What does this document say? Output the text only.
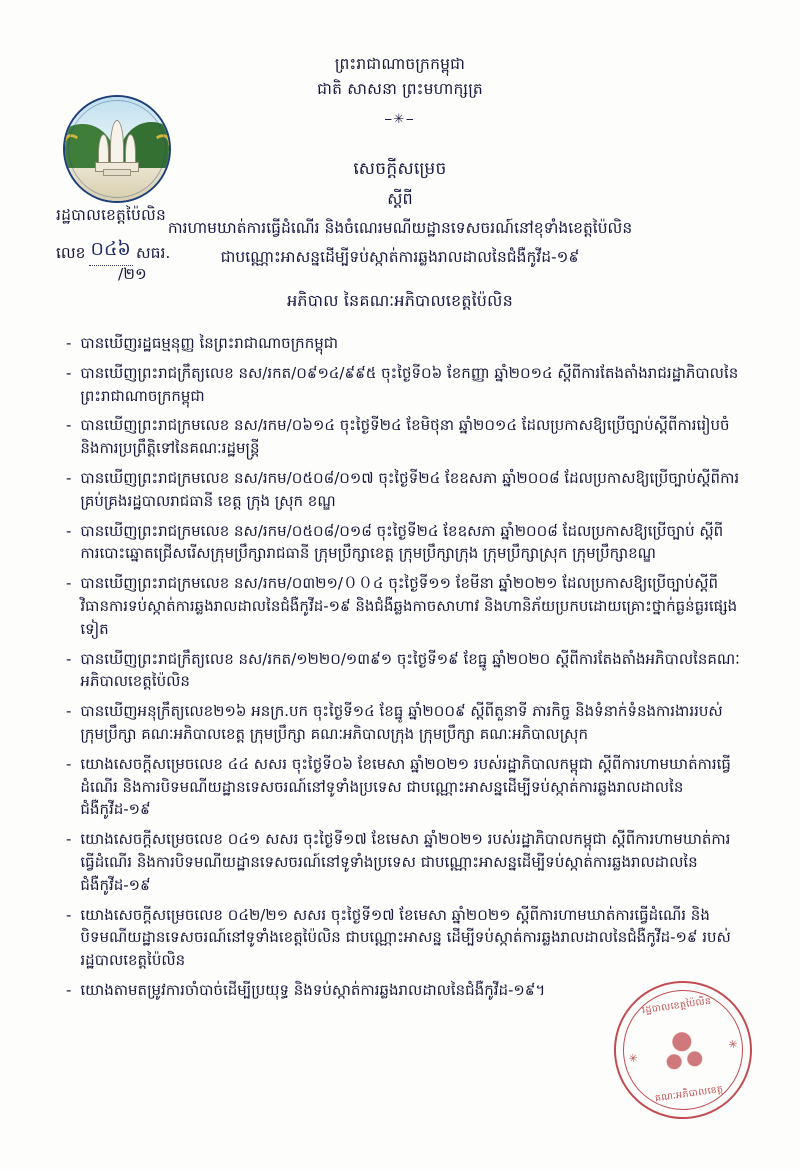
ព្រះរាជាណាចក្រកម្ពុជា
ជាតិ សាសនា ព្រះមហាក្សត្រ
⎯✳⎯
រដ្ឋបាលខេត្តប៉ៃលិន
លេខ ០៤៦ សធរ.
/២១
សេចក្តីសម្រេច
ស្តីពី
ការហាមឃាត់ការធ្វើដំណើរ និងចំណេរមណីយដ្ឋានទេសចរណ៍នៅខុទាំងខេត្តប៉ៃលិន
ជាបណ្ណោះអាសន្នដើម្បីទប់ស្កាត់ការឆ្លងរាលដាលនៃជំងឺកូវីដ-១៩
អភិបាល នៃគណៈអភិបាលខេត្តប៉ៃលិន
- បានឃើញរដ្ឋធម្មនុញ្ញ នៃព្រះរាជាណាចក្រកម្ពុជា
- បានឃើញព្រះរាជក្រឹត្យលេខ នស/រកត/០៩១៤/៩៩៥ ចុះថ្ងៃទី០៦ ខែកញ្ញា ឆ្នាំ២០១៤ ស្តីពីការតែងតាំងរាជរដ្ឋាភិបាលនៃព្រះរាជាណាចក្រកម្ពុជា
- បានឃើញព្រះរាជក្រមលេខ នស/រកម/០៦១៤ ចុះថ្ងៃទី២៤ ខែមិថុនា ឆ្នាំ២០១៤ ដែលប្រកាសឱ្យប្រើច្បាប់ស្តីពីការរៀបចំ និងការប្រព្រឹត្តិទៅនៃគណៈរដ្ឋមន្ត្រី
- បានឃើញព្រះរាជក្រមលេខ នស/រកម/០៥០៨/០១៧ ចុះថ្ងៃទី២៤ ខែឧសភា ឆ្នាំ២០០៨ ដែលប្រកាសឱ្យប្រើច្បាប់ស្តីពីការគ្រប់គ្រងរដ្ឋបាលរាជធានី ខេត្ត ក្រុង ស្រុក ខណ្ឌ
- បានឃើញព្រះរាជក្រមលេខ នស/រកម/០៥០៨/០១៨ ចុះថ្ងៃទី២៤ ខែឧសភា ឆ្នាំ២០០៨ ដែលប្រកាសឱ្យប្រើច្បាប់ ស្តីពីការបោះឆ្នោតជ្រើសរើសក្រុមប្រឹក្សារាជធានី ក្រុមប្រឹក្សាខេត្ត ក្រុមប្រឹក្សាក្រុង ក្រុមប្រឹក្សាស្រុក ក្រុមប្រឹក្សាខណ្ឌ
- បានឃើញព្រះរាជក្រមលេខ នស/រកម/០៣២១/００៤ ចុះថ្ងៃទី១១ ខែមីនា ឆ្នាំ២០២១ ដែលប្រកាសឱ្យប្រើច្បាប់ស្តីពី វិធានការទប់ស្កាត់ការឆ្លងរាលដាលនៃជំងឺកូវីដ-១៩ និងជំងឺឆ្លងកាចសាហាវ និងហានិភ័យប្រកបដោយគ្រោះថ្នាក់ធ្ងន់ធ្ងរផ្សេងទៀត
- បានឃើញព្រះរាជក្រឹត្យលេខ នស/រកត/១២២០/១៣៩១ ចុះថ្ងៃទី១៩ ខែធ្នូ ឆ្នាំ២០២០ ស្តីពីការតែងតាំងអភិបាលនៃគណៈអភិបាលខេត្តប៉ៃលិន
- បានឃើញអនុក្រឹត្យលេខ២១៦ អនក្រ.បក ចុះថ្ងៃទី១៤ ខែធ្នូ ឆ្នាំ២០០៩ ស្តីពីតួនាទី ភារកិច្ច និងទំនាក់ទំនងការងាររបស់ក្រុមប្រឹក្សា គណៈអភិបាលខេត្ត ក្រុមប្រឹក្សា គណៈអភិបាលក្រុង ក្រុមប្រឹក្សា គណៈអភិបាលស្រុក
- យោងសេចក្តីសម្រេចលេខ ៤៤ សសរ ចុះថ្ងៃទី០៦ ខែមេសា ឆ្នាំ២០២១ របស់រដ្ឋាភិបាលកម្ពុជា ស្តីពីការហាមឃាត់ការធ្វើដំណើរ និងការបិទមណីយដ្ឋានទេសចរណ៍នៅទូទាំងប្រទេស ជាបណ្ណោះអាសន្នដើម្បីទប់ស្កាត់ការឆ្លងរាលដាលនៃជំងឺកូវីដ-១៩
- យោងសេចក្តីសម្រេចលេខ ០៤១ សសរ ចុះថ្ងៃទី១៧ ខែមេសា ឆ្នាំ២០២១ របស់រដ្ឋាភិបាលកម្ពុជា ស្តីពីការហាមឃាត់ការធ្វើដំណើរ និងការបិទមណីយដ្ឋានទេសចរណ៍នៅទូទាំងប្រទេស ជាបណ្ណោះអាសន្នដើម្បីទប់ស្កាត់ការឆ្លងរាលដាលនៃជំងឺកូវីដ-១៩
- យោងសេចក្តីសម្រេចលេខ ០៤២/២១ សសរ ចុះថ្ងៃទី១៧ ខែមេសា ឆ្នាំ២០២១ ស្តីពីការហាមឃាត់ការធ្វើដំណើរ និងបិទមណីយដ្ឋានទេសចរណ៍នៅទូទាំងខេត្តប៉ៃលិន ជាបណ្ណោះអាសន្ន ដើម្បីទប់ស្កាត់ការឆ្លងរាលដាលនៃជំងឺកូវីដ-១៩ របស់រដ្ឋបាលខេត្តប៉ៃលិន
- យោងតាមតម្រូវការចាំបាច់ដើម្បីប្រយុទ្ធ និងទប់ស្កាត់ការឆ្លងរាលដាលនៃជំងឺកូវីដ-១៩។
រដ្ឋបាលខេត្តប៉ៃលិន
✳
✳
គណៈអភិបាលខេត្ត
